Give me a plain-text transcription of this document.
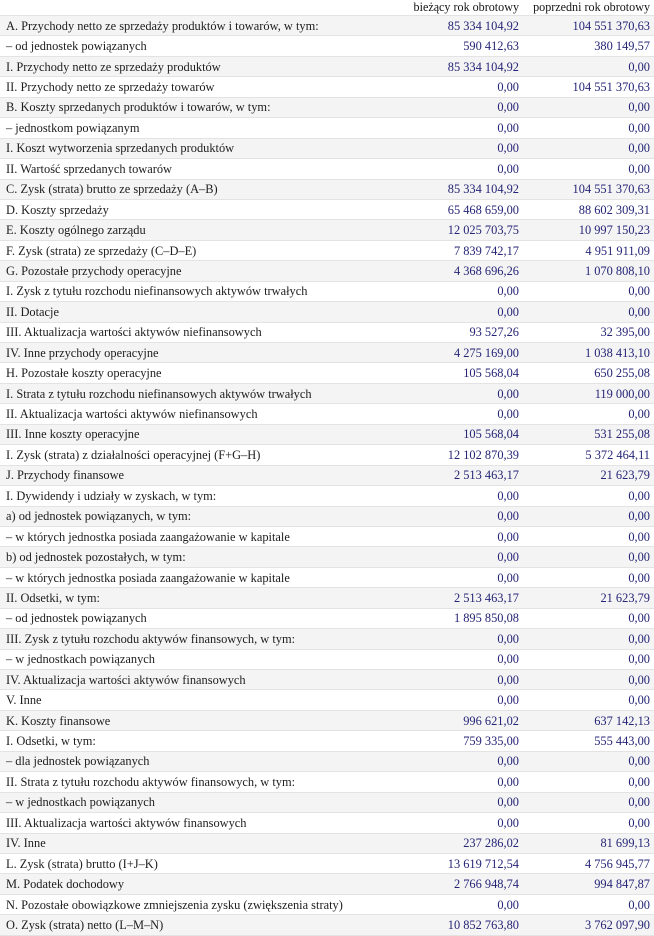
	bieżący rok obrotowy	poprzedni rok obrotowy
A. Przychody netto ze sprzedaży produktów i towarów, w tym:	85 334 104,92	104 551 370,63
– od jednostek powiązanych	590 412,63	380 149,57
I. Przychody netto ze sprzedaży produktów	85 334 104,92	0,00
II. Przychody netto ze sprzedaży towarów	0,00	104 551 370,63
B. Koszty sprzedanych produktów i towarów, w tym:	0,00	0,00
– jednostkom powiązanym	0,00	0,00
I. Koszt wytworzenia sprzedanych produktów	0,00	0,00
II. Wartość sprzedanych towarów	0,00	0,00
C. Zysk (strata) brutto ze sprzedaży (A–B)	85 334 104,92	104 551 370,63
D. Koszty sprzedaży	65 468 659,00	88 602 309,31
E. Koszty ogólnego zarządu	12 025 703,75	10 997 150,23
F. Zysk (strata) ze sprzedaży (C–D–E)	7 839 742,17	4 951 911,09
G. Pozostałe przychody operacyjne	4 368 696,26	1 070 808,10
I. Zysk z tytułu rozchodu niefinansowych aktywów trwałych	0,00	0,00
II. Dotacje	0,00	0,00
III. Aktualizacja wartości aktywów niefinansowych	93 527,26	32 395,00
IV. Inne przychody operacyjne	4 275 169,00	1 038 413,10
H. Pozostałe koszty operacyjne	105 568,04	650 255,08
I. Strata z tytułu rozchodu niefinansowych aktywów trwałych	0,00	119 000,00
II. Aktualizacja wartości aktywów niefinansowych	0,00	0,00
III. Inne koszty operacyjne	105 568,04	531 255,08
I. Zysk (strata) z działalności operacyjnej (F+G–H)	12 102 870,39	5 372 464,11
J. Przychody finansowe	2 513 463,17	21 623,79
I. Dywidendy i udziały w zyskach, w tym:	0,00	0,00
a) od jednostek powiązanych, w tym:	0,00	0,00
– w których jednostka posiada zaangażowanie w kapitale	0,00	0,00
b) od jednostek pozostałych, w tym:	0,00	0,00
– w których jednostka posiada zaangażowanie w kapitale	0,00	0,00
II. Odsetki, w tym:	2 513 463,17	21 623,79
– od jednostek powiązanych	1 895 850,08	0,00
III. Zysk z tytułu rozchodu aktywów finansowych, w tym:	0,00	0,00
– w jednostkach powiązanych	0,00	0,00
IV. Aktualizacja wartości aktywów finansowych	0,00	0,00
V. Inne	0,00	0,00
K. Koszty finansowe	996 621,02	637 142,13
I. Odsetki, w tym:	759 335,00	555 443,00
– dla jednostek powiązanych	0,00	0,00
II. Strata z tytułu rozchodu aktywów finansowych, w tym:	0,00	0,00
– w jednostkach powiązanych	0,00	0,00
III. Aktualizacja wartości aktywów finansowych	0,00	0,00
IV. Inne	237 286,02	81 699,13
L. Zysk (strata) brutto (I+J–K)	13 619 712,54	4 756 945,77
M. Podatek dochodowy	2 766 948,74	994 847,87
N. Pozostałe obowiązkowe zmniejszenia zysku (zwiększenia straty)	0,00	0,00
O. Zysk (strata) netto (L–M–N)	10 852 763,80	3 762 097,90
